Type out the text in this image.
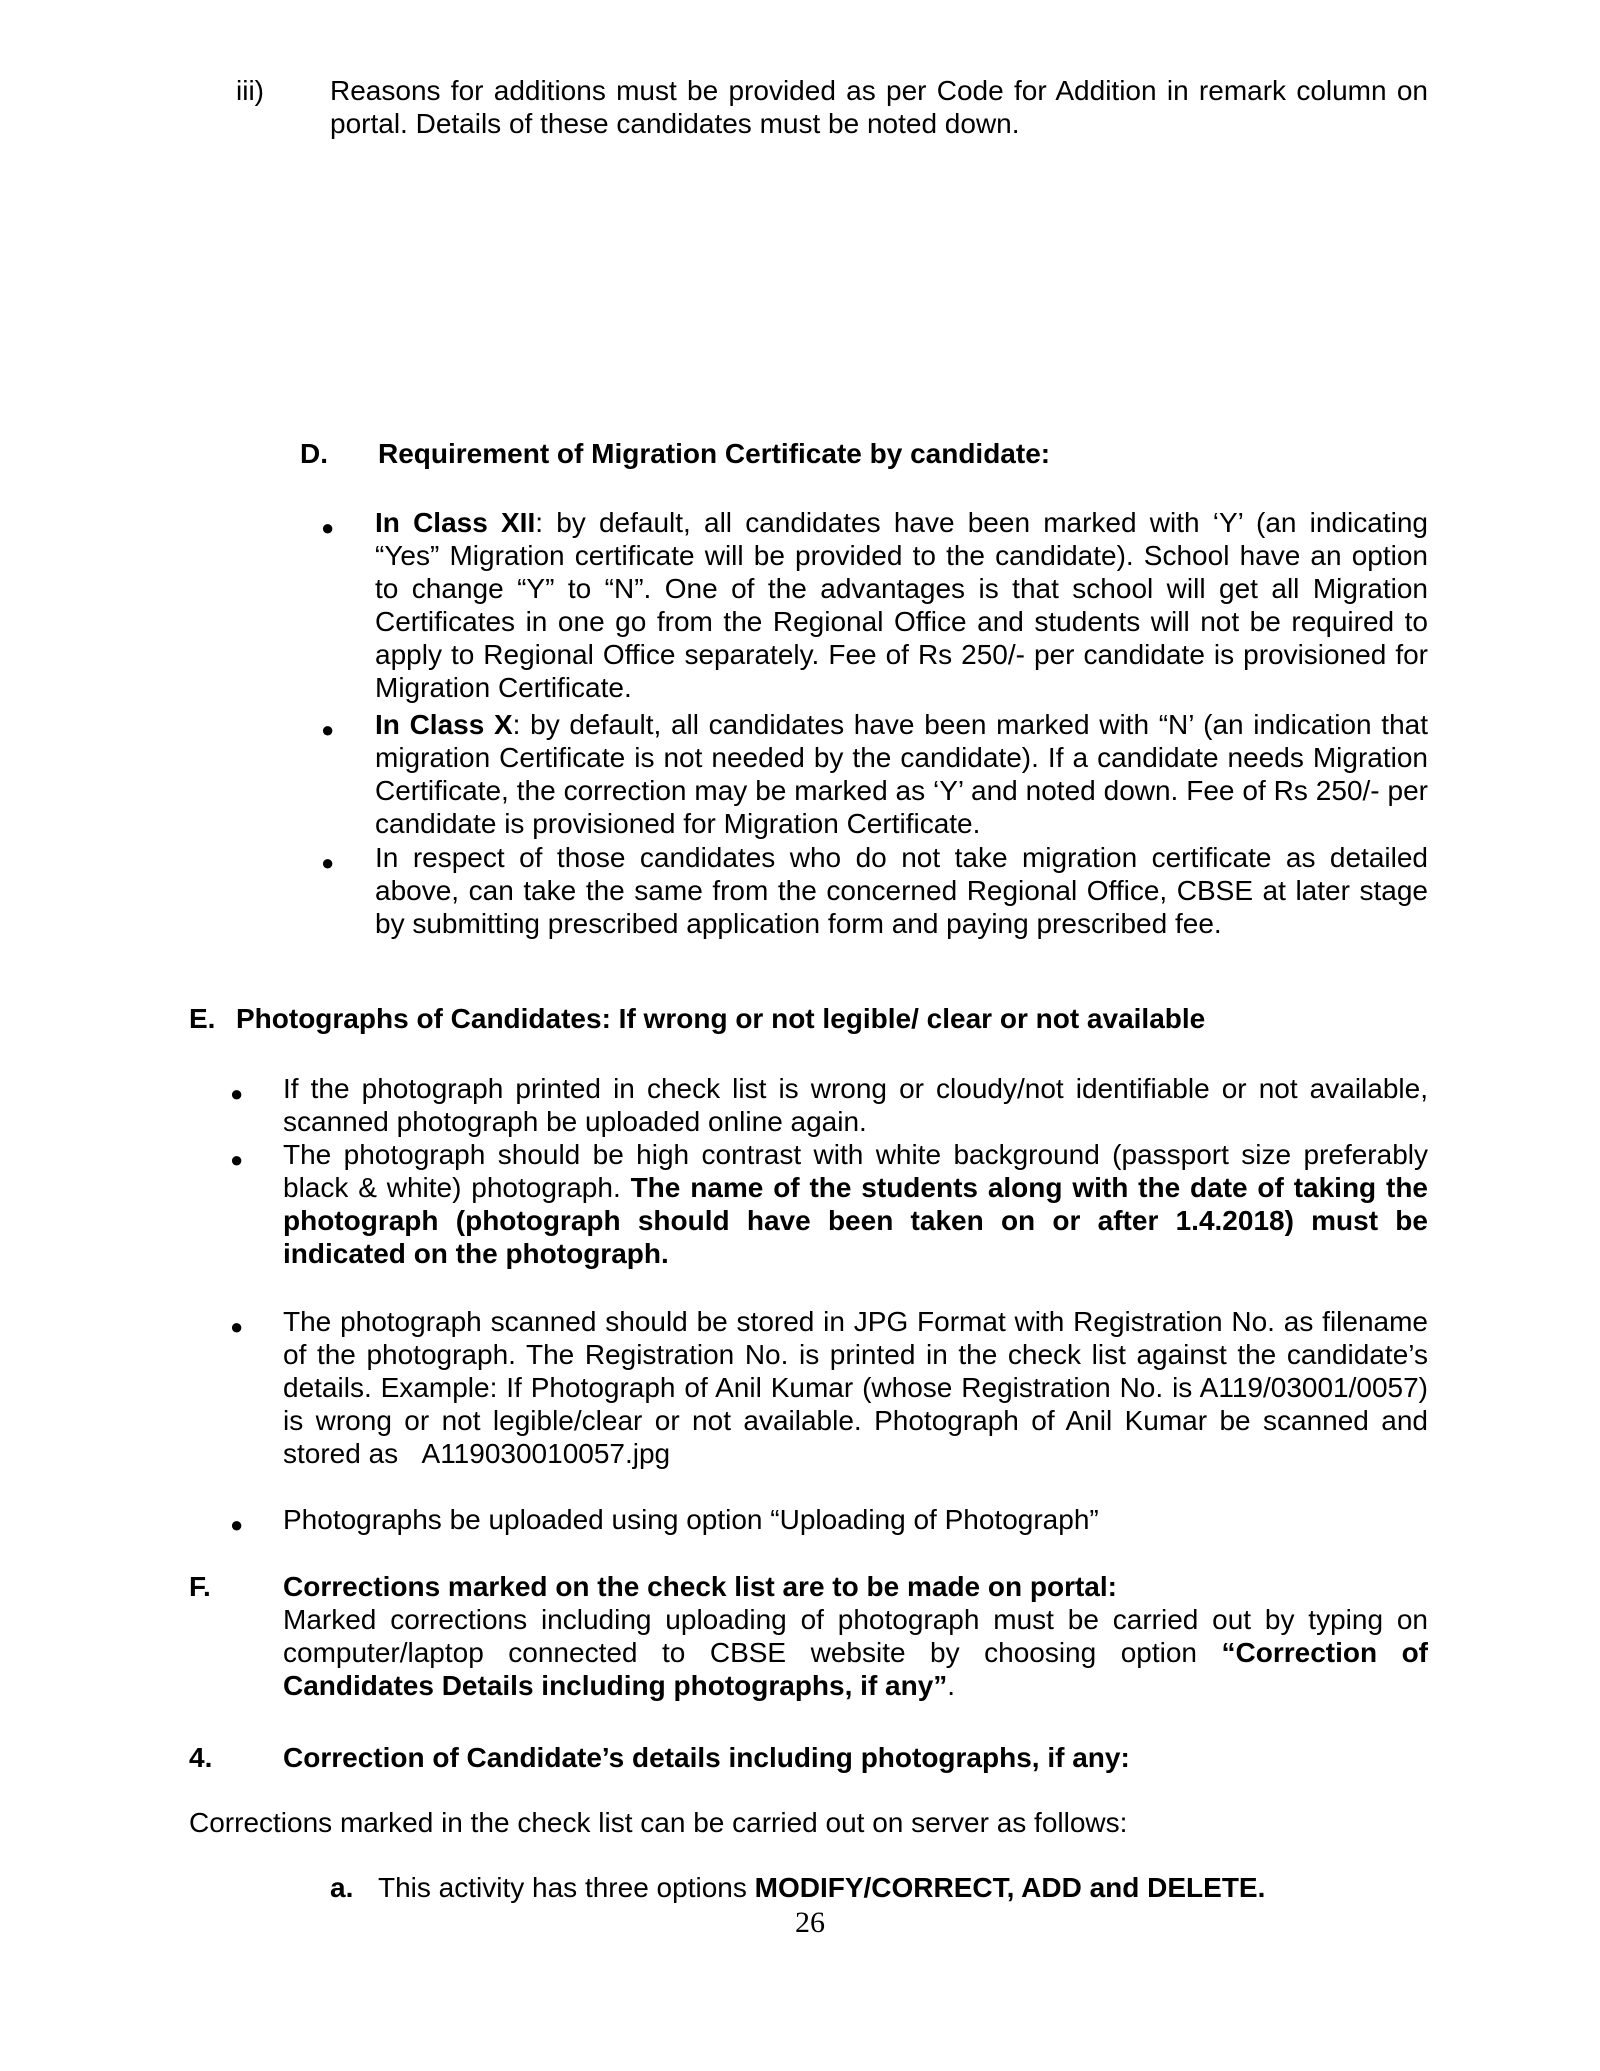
iii) Reasons for additions must be provided as per Code for Addition in remark column on
portal. Details of these candidates must be noted down.
D. Requirement of Migration Certificate by candidate:
● In Class XII: by default, all candidates have been marked with ‘Y’ (an indicating “Yes” Migration certificate will be provided to the candidate). School have an option to change “Y” to “N”. One of the advantages is that school will get all Migration Certificates in one go from the Regional Office and students will not be required to apply to Regional Office separately. Fee of Rs 250/- per candidate is provisioned for Migration Certificate.
● In Class X: by default, all candidates have been marked with “N’ (an indication that migration Certificate is not needed by the candidate). If a candidate needs Migration Certificate, the correction may be marked as ‘Y’ and noted down. Fee of Rs 250/- per candidate is provisioned for Migration Certificate.
● In respect of those candidates who do not take migration certificate as detailed above, can take the same from the concerned Regional Office, CBSE at later stage by submitting prescribed application form and paying prescribed fee.
E. Photographs of Candidates: If wrong or not legible/ clear or not available
● If the photograph printed in check list is wrong or cloudy/not identifiable or not available, scanned photograph be uploaded online again.
● The photograph should be high contrast with white background (passport size preferably black & white) photograph. The name of the students along with the date of taking the photograph (photograph should have been taken on or after 1.4.2018) must be indicated on the photograph.
● The photograph scanned should be stored in JPG Format with Registration No. as filename of the photograph. The Registration No. is printed in the check list against the candidate’s details. Example: If Photograph of Anil Kumar (whose Registration No. is A119/03001/0057) is wrong or not legible/clear or not available. Photograph of Anil Kumar be scanned and stored as A119030010057.jpg
● Photographs be uploaded using option “Uploading of Photograph”
F.	Corrections marked on the check list are to be made on portal:
Marked corrections including uploading of photograph must be carried out by typing on computer/laptop connected to CBSE website by choosing option “Correction of Candidates Details including photographs, if any”.
4.	Correction of Candidate’s details including photographs, if any:
Corrections marked in the check list can be carried out on server as follows:
a. This activity has three options MODIFY/CORRECT, ADD and DELETE.
26
